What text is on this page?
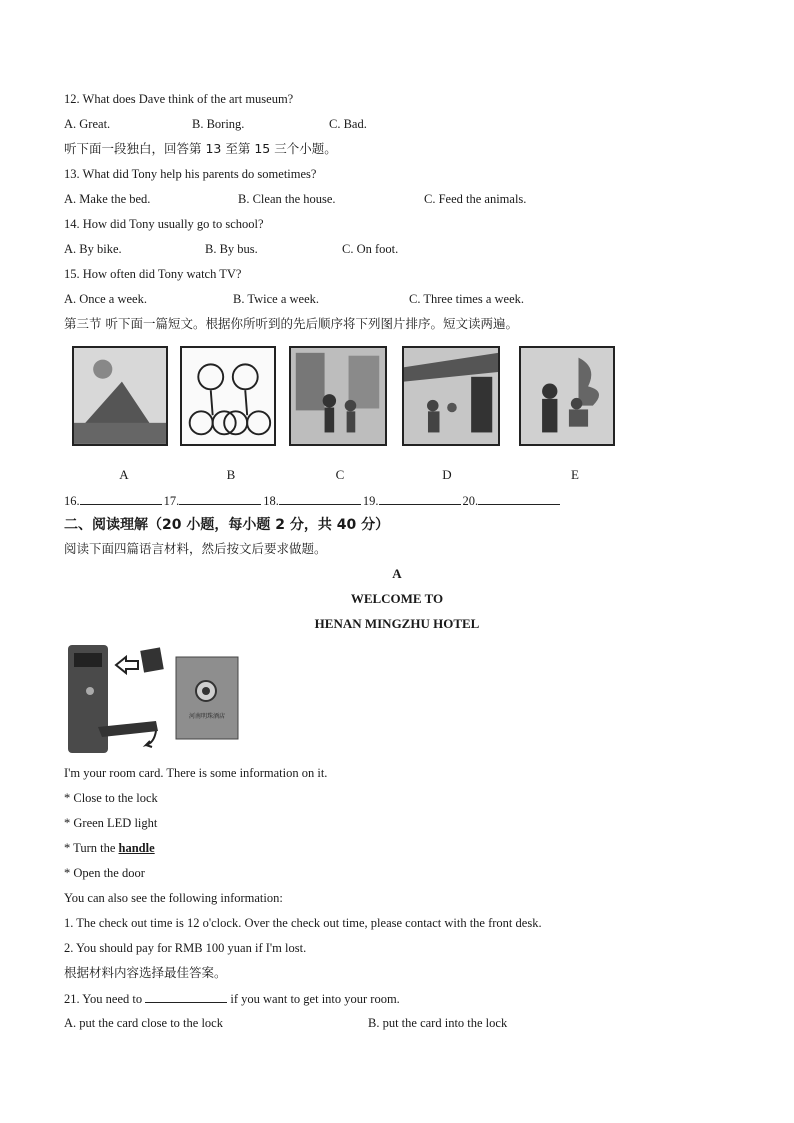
12. What does Dave think of the art museum?
A. Great.	B. Boring.	C. Bad.
听下面一段独白，回答第 13 至第 15 三个小题。
13. What did Tony help his parents do sometimes?
A. Make the bed.	B. Clean the house.	C. Feed the animals.
14. How did Tony usually go to school?
A. By bike.	B. By bus.	C. On foot.
15. How often did Tony watch TV?
A. Once a week.	B. Twice a week.	C. Three times a week.
第三节 听下面一篇短文。根据你所听到的先后顺序将下列图片排序。短文读两遍。
A	B	C	D	E
16.	17.	18.	19.	20.
二、阅读理解（20 小题，每小题 2 分，共 40 分）
阅读下面四篇语言材料，然后按文后要求做题。
A
WELCOME TO
HENAN MINGZHU HOTEL
河南明珠酒店
I'm your room card. There is some information on it.
* Close to the lock
* Green LED light
* Turn the handle
* Open the door
You can also see the following information:
1. The check out time is 12 o'clock. Over the check out time, please contact with the front desk.
2. You should pay for RMB 100 yuan if I'm lost.
根据材料内容选择最佳答案。
21. You need to	if you want to get into your room.
A. put the card close to the lock	B. put the card into the lock
